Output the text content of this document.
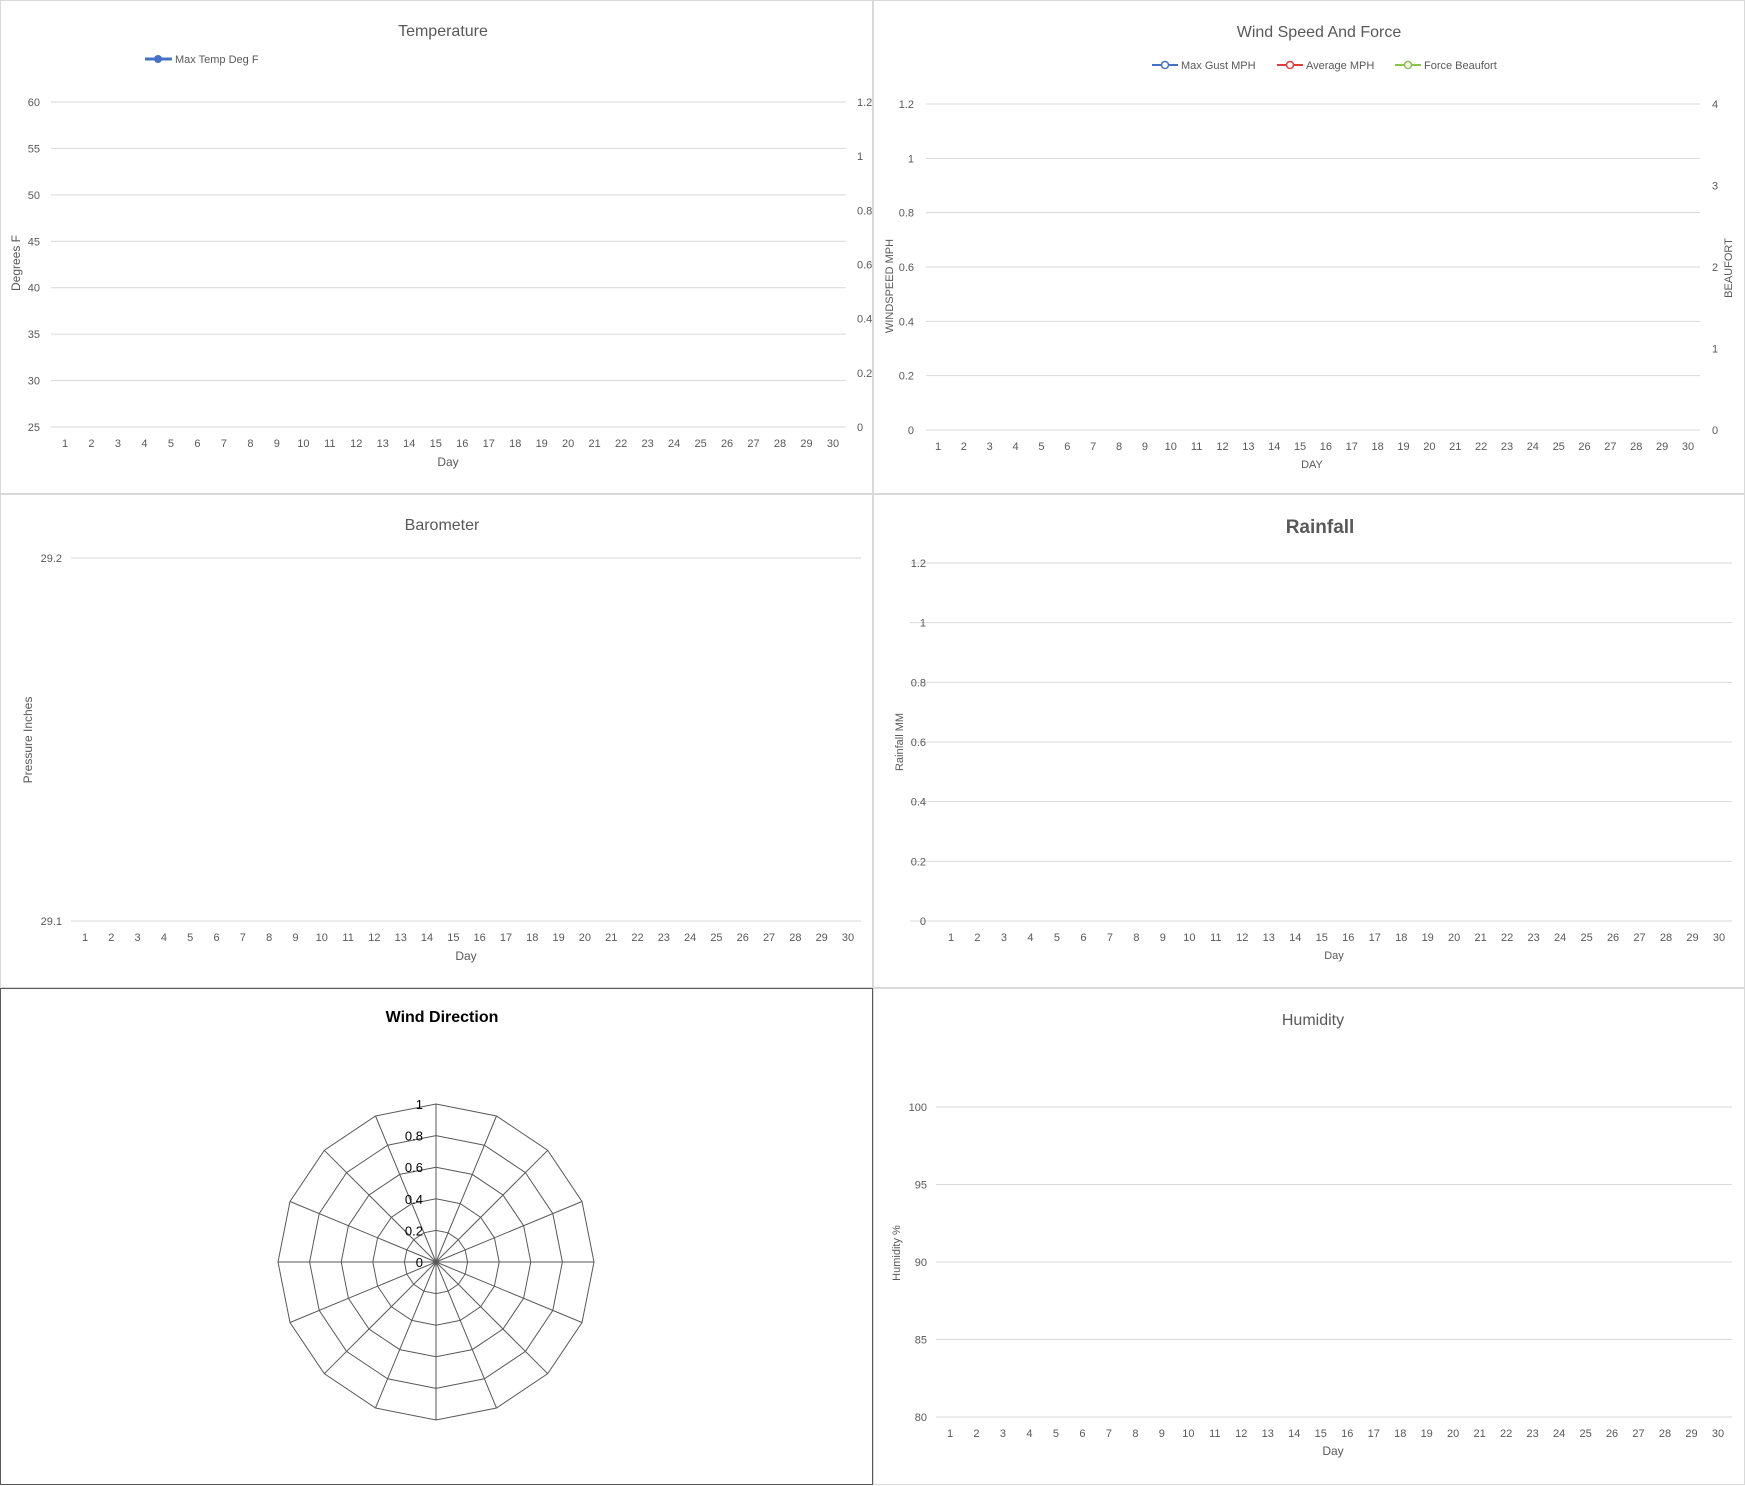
Temperature
Max Temp Deg F
Degrees F
Day
60
55
50
45
40
35
30
25
1.2
1
0.8
0.6
0.4
0.2
0
1 2 3 4 5 6 7 8 9 10 11 12 13 14 15 16 17 18 19 20 21 22 23 24 25 26 27 28 29 30
Wind Speed And Force
Max Gust MPH	Average MPH	Force Beaufort
WINDSPEED MPH	BEAUFORT
DAY
1.2
1
0.8
0.6
0.4
0.2
0
4
3
2
1
0
1 2 3 4 5 6 7 8 9 10 11 12 13 14 15 16 17 18 19 20 21 22 23 24 25 26 27 28 29 30
Barometer
Pressure Inches
Day
29.2
29.1
1 2 3 4 5 6 7 8 9 10 11 12 13 14 15 16 17 18 19 20 21 22 23 24 25 26 27 28 29 30
Rainfall
Rainfall MM
Day
1.2
1
0.8
0.6
0.4
0.2
0
1 2 3 4 5 6 7 8 9 10 11 12 13 14 15 16 17 18 19 20 21 22 23 24 25 26 27 28 29 30
Wind Direction
0
0.2
0.4
0.6
0.8
1
Humidity
Humidity %
Day
100
95
90
85
80
1 2 3 4 5 6 7 8 9 10 11 12 13 14 15 16 17 18 19 20 21 22 23 24 25 26 27 28 29 30
